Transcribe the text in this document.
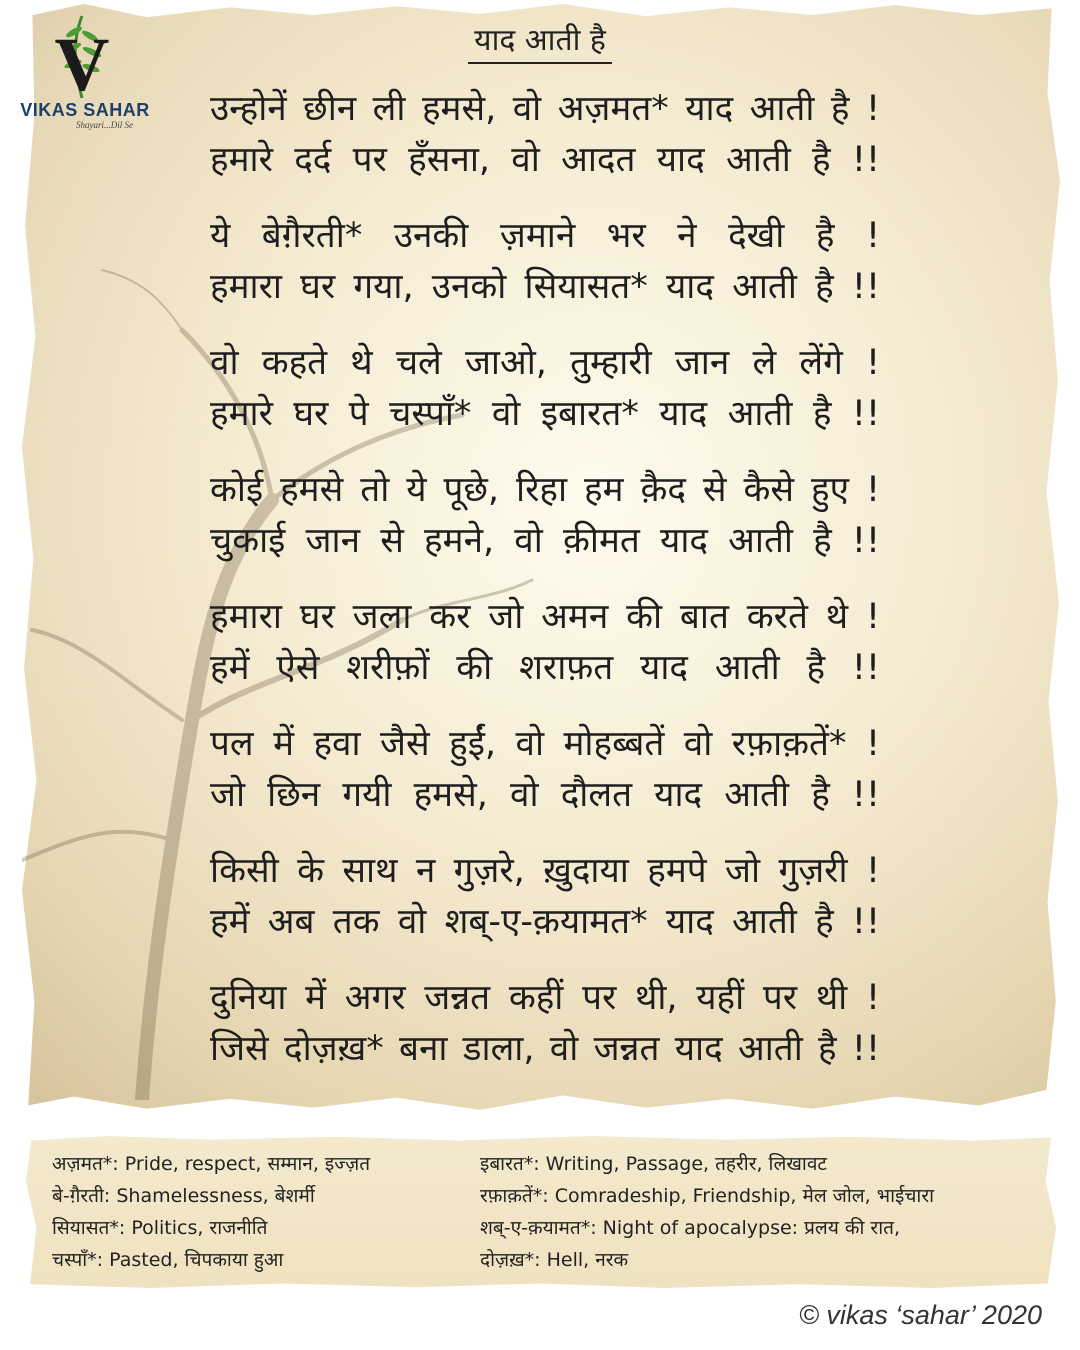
V
VIKAS SAHAR
Shayari...Dil Se
याद आती है
उन्होनें छीन ली हमसे, वो अज़मत* याद आती है !
हमारे दर्द पर हँसना, वो आदत याद आती है !!
ये बेग़ैरती* उनकी ज़माने भर ने देखी है !
हमारा घर गया, उनको सियासत* याद आती है !!
वो कहते थे चले जाओ, तुम्हारी जान ले लेंगे !
हमारे घर पे चस्पाँ* वो इबारत* याद आती है !!
कोई हमसे तो ये पूछे, रिहा हम क़ैद से कैसे हुए !
चुकाई जान से हमने, वो क़ीमत याद आती है !!
हमारा घर जला कर जो अमन की बात करते थे !
हमें ऐसे शरीफ़ों की शराफ़त याद आती है !!
पल में हवा जैसे हुईं, वो मोहब्बतें वो रफ़ाक़तें* !
जो छिन गयी हमसे, वो दौलत याद आती है !!
किसी के साथ न गुज़रे, ख़ुदाया हमपे जो गुज़री !
हमें अब तक वो शब्-ए-क़यामत* याद आती है !!
दुनिया में अगर जन्नत कहीं पर थी, यहीं पर थी !
जिसे दोज़ख़* बना डाला, वो जन्नत याद आती है !!
अज़मत*: Pride, respect, सम्मान, इज्ज़त
बे-ग़ैरती: Shamelessness, बेशर्मी
सियासत*: Politics, राजनीति
चस्पाँ*: Pasted, चिपकाया हुआ
इबारत*: Writing, Passage, तहरीर, लिखावट
रफ़ाक़तें*: Comradeship, Friendship, मेल जोल, भाईचारा
शब्-ए-क़यामत*: Night of apocalypse: प्रलय की रात,
दोज़ख़*: Hell, नरक
© vikas ‘sahar’ 2020
